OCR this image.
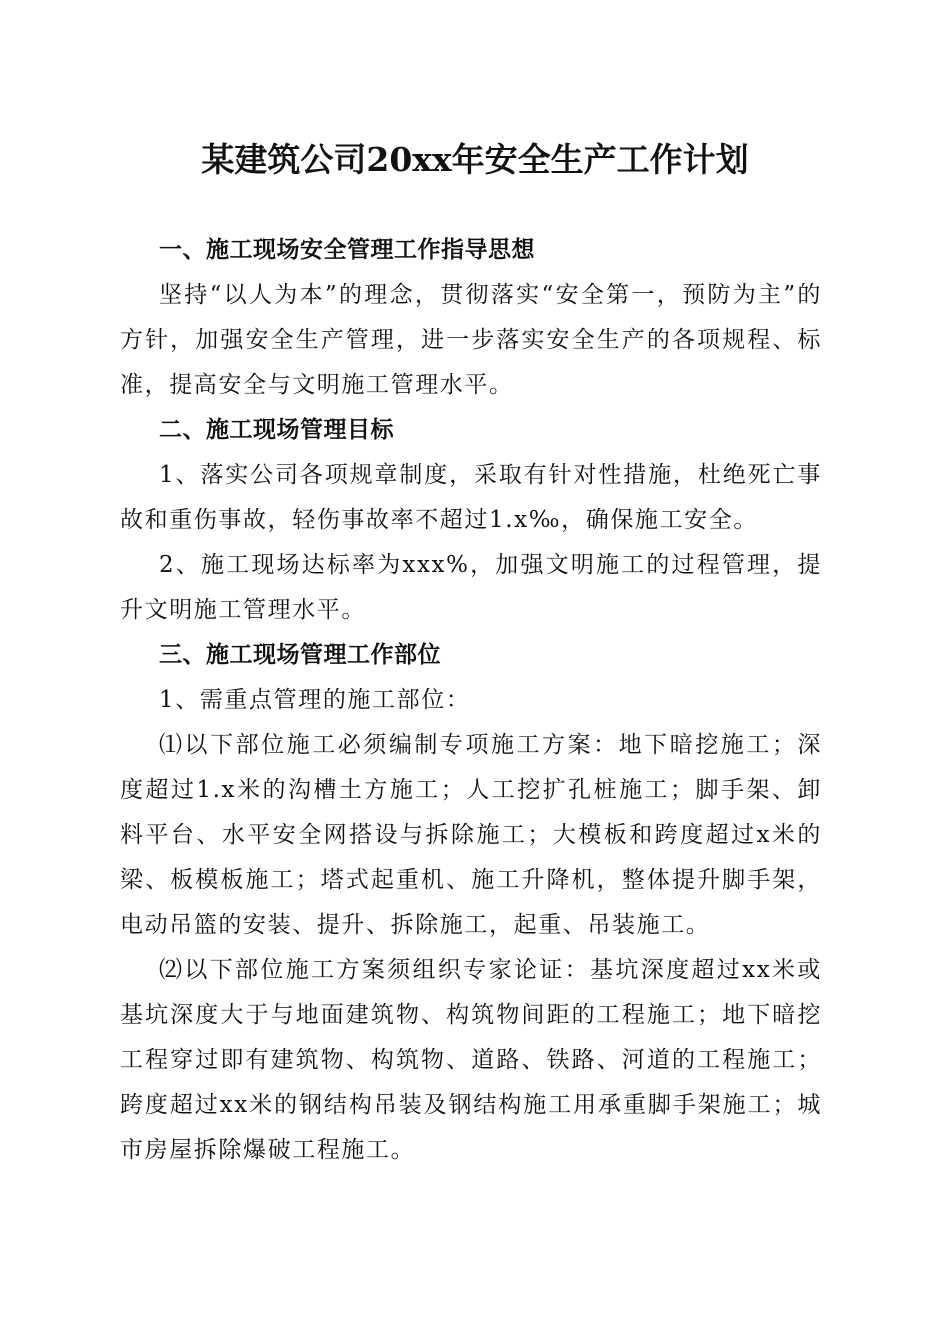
某建筑公司20xx年安全生产工作计划

一、施工现场安全管理工作指导思想

坚持“以人为本”的理念，贯彻落实“安全第一，预防为主”的方针，加强安全生产管理，进一步落实安全生产的各项规程、标准，提高安全与文明施工管理水平。

二、施工现场管理目标

1、落实公司各项规章制度，采取有针对性措施，杜绝死亡事故和重伤事故，轻伤事故率不超过1.x‰，确保施工安全。

2、施工现场达标率为xxx%，加强文明施工的过程管理，提升文明施工管理水平。

三、施工现场管理工作部位

1、需重点管理的施工部位：

⑴以下部位施工必须编制专项施工方案：地下暗挖施工；深度超过1.x米的沟槽土方施工；人工挖扩孔桩施工；脚手架、卸料平台、水平安全网搭设与拆除施工；大模板和跨度超过x米的梁、板模板施工；塔式起重机、施工升降机，整体提升脚手架，电动吊篮的安装、提升、拆除施工，起重、吊装施工。

⑵以下部位施工方案须组织专家论证：基坑深度超过xx米或基坑深度大于与地面建筑物、构筑物间距的工程施工；地下暗挖工程穿过即有建筑物、构筑物、道路、铁路、河道的工程施工；跨度超过xx米的钢结构吊装及钢结构施工用承重脚手架施工；城市房屋拆除爆破工程施工。
